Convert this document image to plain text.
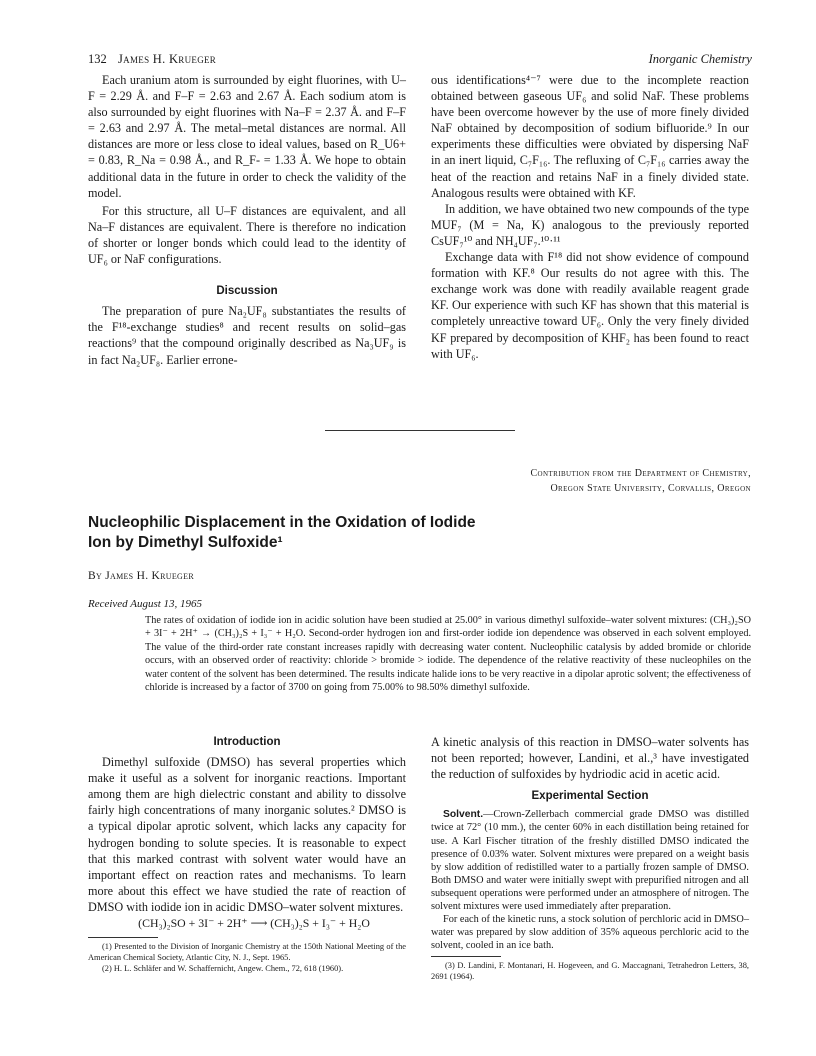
132 James H. Krueger	Inorganic Chemistry

Each uranium atom is surrounded by eight fluorines, with U–F = 2.29 Å. and F–F = 2.63 and 2.67 Å. Each sodium atom is also surrounded by eight fluorines with Na–F = 2.37 Å. and F–F = 2.63 and 2.97 Å. The metal–metal distances are normal. All distances are more or less close to ideal values, based on R_U6+ = 0.83, R_Na = 0.98 Å., and R_F- = 1.33 Å. We hope to obtain additional data in the future in order to check the validity of the model.

For this structure, all U–F distances are equivalent, and all Na–F distances are equivalent. There is therefore no indication of shorter or longer bonds which could lead to the identity of UF₆ or NaF configurations.

Discussion

The preparation of pure Na₂UF₈ substantiates the results of the F¹⁸-exchange studies⁸ and recent results on solid–gas reactions⁹ that the compound originally described as Na₃UF₉ is in fact Na₂UF₈. Earlier errone-

ous identifications⁴⁻⁷ were due to the incomplete reaction obtained between gaseous UF₆ and solid NaF. These problems have been overcome however by the use of more finely divided NaF obtained by decomposition of sodium bifluoride.⁹ In our experiments these difficulties were obviated by dispersing NaF in an inert liquid, C₇F₁₆. The refluxing of C₇F₁₆ carries away the heat of the reaction and retains NaF in a finely divided state. Analogous results were obtained with KF.

In addition, we have obtained two new compounds of the type MUF₇ (M = Na, K) analogous to the previously reported CsUF₇¹⁰ and NH₄UF₇.¹⁰·¹¹

Exchange data with F¹⁸ did not show evidence of compound formation with KF.⁸ Our results do not agree with this. The exchange work was done with readily available reagent grade KF. Our experience with such KF has shown that this material is completely unreactive toward UF₆. Only the very finely divided KF prepared by decomposition of KHF₂ has been found to react with UF₆.

Contribution from the Department of Chemistry,
Oregon State University, Corvallis, Oregon
Nucleophilic Displacement in the Oxidation of Iodide Ion by Dimethyl Sulfoxide¹
By James H. Krueger
Received August 13, 1965
The rates of oxidation of iodide ion in acidic solution have been studied at 25.00° in various dimethyl sulfoxide–water solvent mixtures: (CH₃)₂SO + 3I⁻ + 2H⁺ → (CH₃)₂S + I₃⁻ + H₂O. Second-order hydrogen ion and first-order iodide ion dependence was observed in each solvent employed. The value of the third-order rate constant increases rapidly with decreasing water content. Nucleophilic catalysis by added bromide or chloride occurs, with an observed order of reactivity: chloride > bromide > iodide. The dependence of the relative reactivity of these nucleophiles on the water content of the solvent has been determined. The results indicate halide ions to be very reactive in a dipolar aprotic solvent; the effectiveness of chloride is increased by a factor of 3700 on going from 75.00% to 98.50% dimethyl sulfoxide.
Introduction

Dimethyl sulfoxide (DMSO) has several properties which make it useful as a solvent for inorganic reactions. Important among them are high dielectric constant and ability to dissolve fairly high concentrations of many inorganic solutes.² DMSO is a typical dipolar aprotic solvent, which lacks any capacity for hydrogen bonding to solute species. It is reasonable to expect that this marked contrast with solvent water would have an important effect on reaction rates and mechanisms. To learn more about this effect we have studied the rate of reaction of DMSO with iodide ion in acidic DMSO–water solvent mixtures.

(CH₃)₂SO + 3I⁻ + 2H⁺ ⟶ (CH₃)₂S + I₃⁻ + H₂O

(1) Presented to the Division of Inorganic Chemistry at the 150th National Meeting of the American Chemical Society, Atlantic City, N. J., Sept. 1965.

(2) H. L. Schläfer and W. Schaffernicht, Angew. Chem., 72, 618 (1960).

A kinetic analysis of this reaction in DMSO–water solvents has not been reported; however, Landini, et al.,³ have investigated the reduction of sulfoxides by hydriodic acid in acetic acid.

Experimental Section

Solvent.—Crown-Zellerbach commercial grade DMSO was distilled twice at 72° (10 mm.), the center 60% in each distillation being retained for use. A Karl Fischer titration of the freshly distilled DMSO indicated the presence of 0.03% water. Solvent mixtures were prepared on a weight basis by slow addition of redistilled water to a partially frozen sample of DMSO. Both DMSO and water were initially swept with prepurified nitrogen and all subsequent operations were performed under an atmosphere of nitrogen. The solvent mixtures were used immediately after preparation.

For each of the kinetic runs, a stock solution of perchloric acid in DMSO–water was prepared by slow addition of 35% aqueous perchloric acid to the solvent, cooled in an ice bath.

(3) D. Landini, F. Montanari, H. Hogeveen, and G. Maccagnani, Tetrahedron Letters, 38, 2691 (1964).
